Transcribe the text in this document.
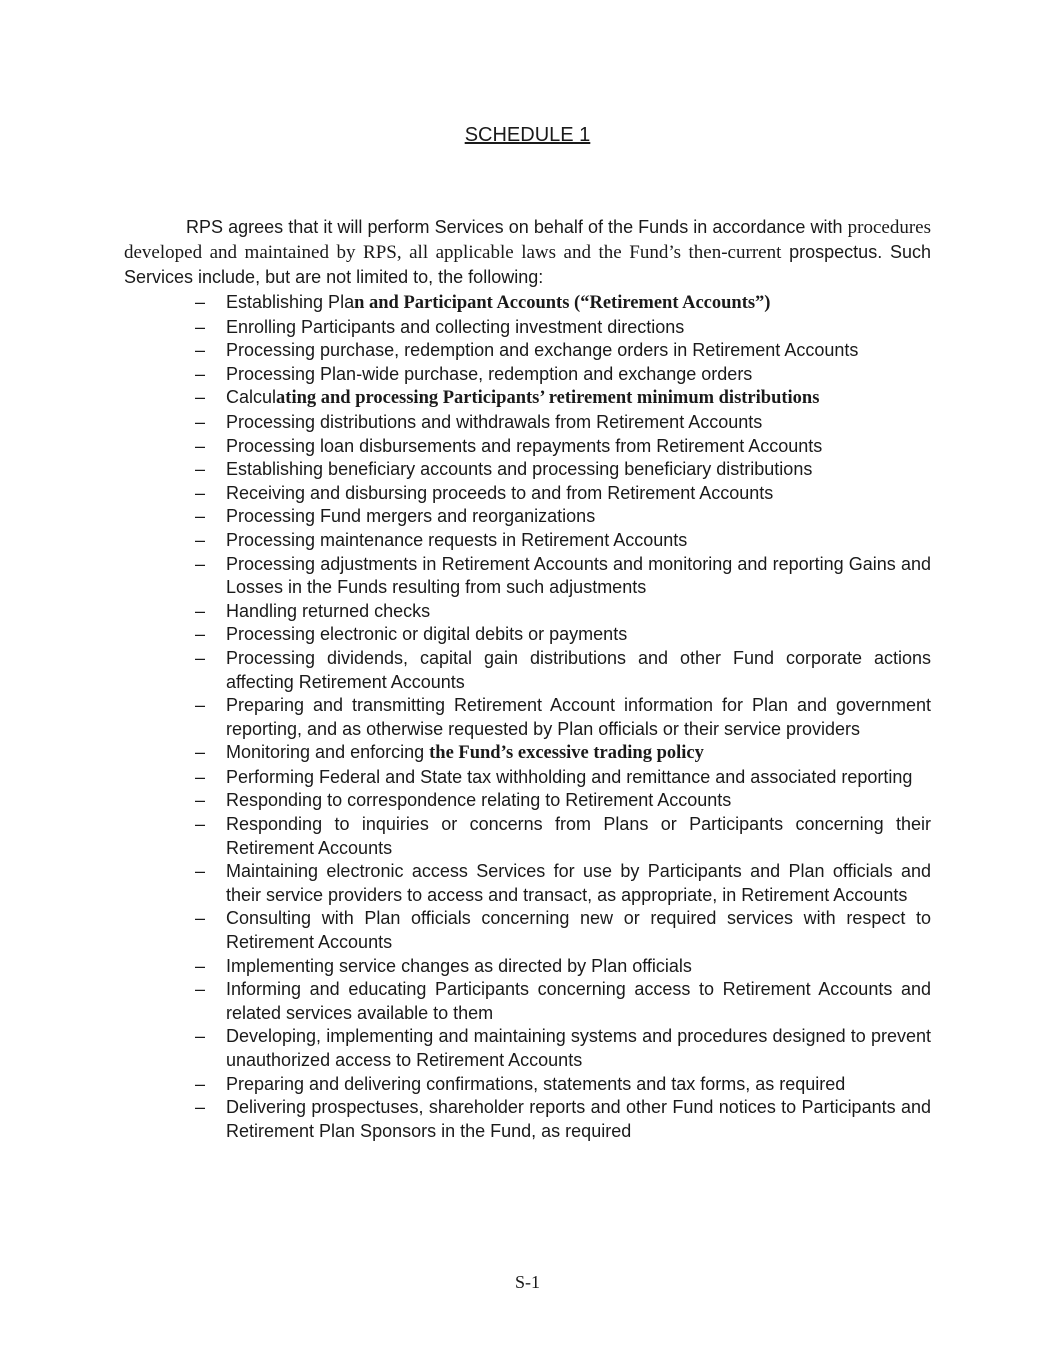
SCHEDULE 1

RPS agrees that it will perform Services on behalf of the Funds in accordance with procedures developed and maintained by RPS, all applicable laws and the Fund’s then-current prospectus. Such Services include, but are not limited to, the following:

– Establishing Plan and Participant Accounts (“Retirement Accounts”)
– Enrolling Participants and collecting investment directions
– Processing purchase, redemption and exchange orders in Retirement Accounts
– Processing Plan-wide purchase, redemption and exchange orders
– Calculating and processing Participants’ retirement minimum distributions
– Processing distributions and withdrawals from Retirement Accounts
– Processing loan disbursements and repayments from Retirement Accounts
– Establishing beneficiary accounts and processing beneficiary distributions
– Receiving and disbursing proceeds to and from Retirement Accounts
– Processing Fund mergers and reorganizations
– Processing maintenance requests in Retirement Accounts
– Processing adjustments in Retirement Accounts and monitoring and reporting Gains and Losses in the Funds resulting from such adjustments
– Handling returned checks
– Processing electronic or digital debits or payments
– Processing dividends, capital gain distributions and other Fund corporate actions affecting Retirement Accounts
– Preparing and transmitting Retirement Account information for Plan and government reporting, and as otherwise requested by Plan officials or their service providers
– Monitoring and enforcing the Fund’s excessive trading policy
– Performing Federal and State tax withholding and remittance and associated reporting
– Responding to correspondence relating to Retirement Accounts
– Responding to inquiries or concerns from Plans or Participants concerning their Retirement Accounts
– Maintaining electronic access Services for use by Participants and Plan officials and their service providers to access and transact, as appropriate, in Retirement Accounts
– Consulting with Plan officials concerning new or required services with respect to Retirement Accounts
– Implementing service changes as directed by Plan officials
– Informing and educating Participants concerning access to Retirement Accounts and related services available to them
– Developing, implementing and maintaining systems and procedures designed to prevent unauthorized access to Retirement Accounts
– Preparing and delivering confirmations, statements and tax forms, as required
– Delivering prospectuses, shareholder reports and other Fund notices to Participants and Retirement Plan Sponsors in the Fund, as required
S-1
